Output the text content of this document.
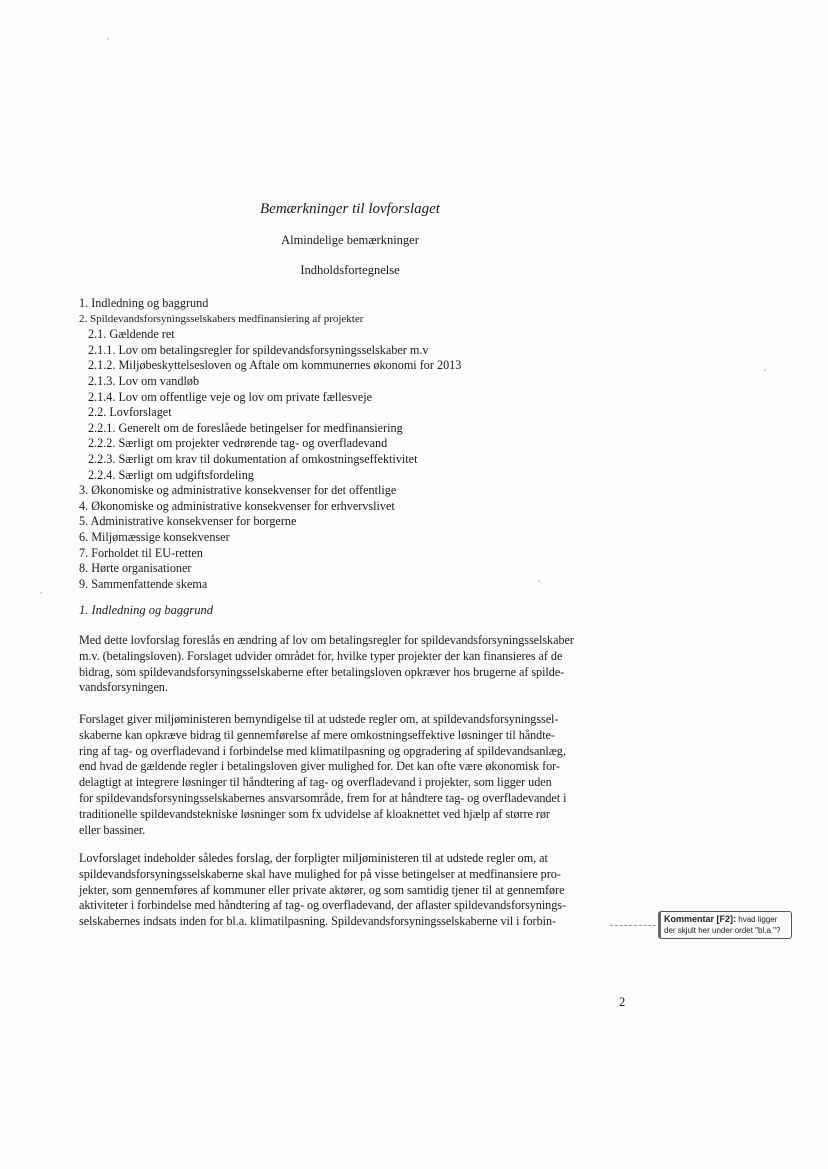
Bemærkninger til lovforslaget
Almindelige bemærkninger
Indholdsfortegnelse
1. Indledning og baggrund
2. Spildevandsforsyningsselskabers medfinansiering af projekter
2.1. Gældende ret
2.1.1. Lov om betalingsregler for spildevandsforsyningsselskaber m.v
2.1.2. Miljøbeskyttelsesloven og Aftale om kommunernes økonomi for 2013
2.1.3. Lov om vandløb
2.1.4. Lov om offentlige veje og lov om private fællesveje
2.2. Lovforslaget
2.2.1. Generelt om de foreslåede betingelser for medfinansiering
2.2.2. Særligt om projekter vedrørende tag- og overfladevand
2.2.3. Særligt om krav til dokumentation af omkostningseffektivitet
2.2.4. Særligt om udgiftsfordeling
3. Økonomiske og administrative konsekvenser for det offentlige
4. Økonomiske og administrative konsekvenser for erhvervslivet
5. Administrative konsekvenser for borgerne
6. Miljømæssige konsekvenser
7. Forholdet til EU-retten
8. Hørte organisationer
9. Sammenfattende skema
1. Indledning og baggrund
Med dette lovforslag foreslås en ændring af lov om betalingsregler for spildevandsforsyningsselskaber
m.v. (betalingsloven). Forslaget udvider området for, hvilke typer projekter der kan finansieres af de
bidrag, som spildevandsforsyningsselskaberne efter betalingsloven opkræver hos brugerne af spilde-
vandsforsyningen.
Forslaget giver miljøministeren bemyndigelse til at udstede regler om, at spildevandsforsyningssel-
skaberne kan opkræve bidrag til gennemførelse af mere omkostningseffektive løsninger til håndte-
ring af tag- og overfladevand i forbindelse med klimatilpasning og opgradering af spildevandsanlæg,
end hvad de gældende regler i betalingsloven giver mulighed for. Det kan ofte være økonomisk for-
delagtigt at integrere løsninger til håndtering af tag- og overfladevand i projekter, som ligger uden
for spildevandsforsyningsselskabernes ansvarsområde, frem for at håndtere tag- og overfladevandet i
traditionelle spildevandstekniske løsninger som fx udvidelse af kloaknettet ved hjælp af større rør
eller bassiner.
Lovforslaget indeholder således forslag, der forpligter miljøministeren til at udstede regler om, at
spildevandsforsyningsselskaberne skal have mulighed for på visse betingelser at medfinansiere pro-
jekter, som gennemføres af kommuner eller private aktører, og som samtidig tjener til at gennemføre
aktiviteter i forbindelse med håndtering af tag- og overfladevand, der aflaster spildevandsforsynings-
selskabernes indsats inden for bl.a. klimatilpasning. Spildevandsforsyningsselskaberne vil i forbin-	Kommentar [F2]: hvad ligger
der skjult her under ordet "bl.a."?
2
